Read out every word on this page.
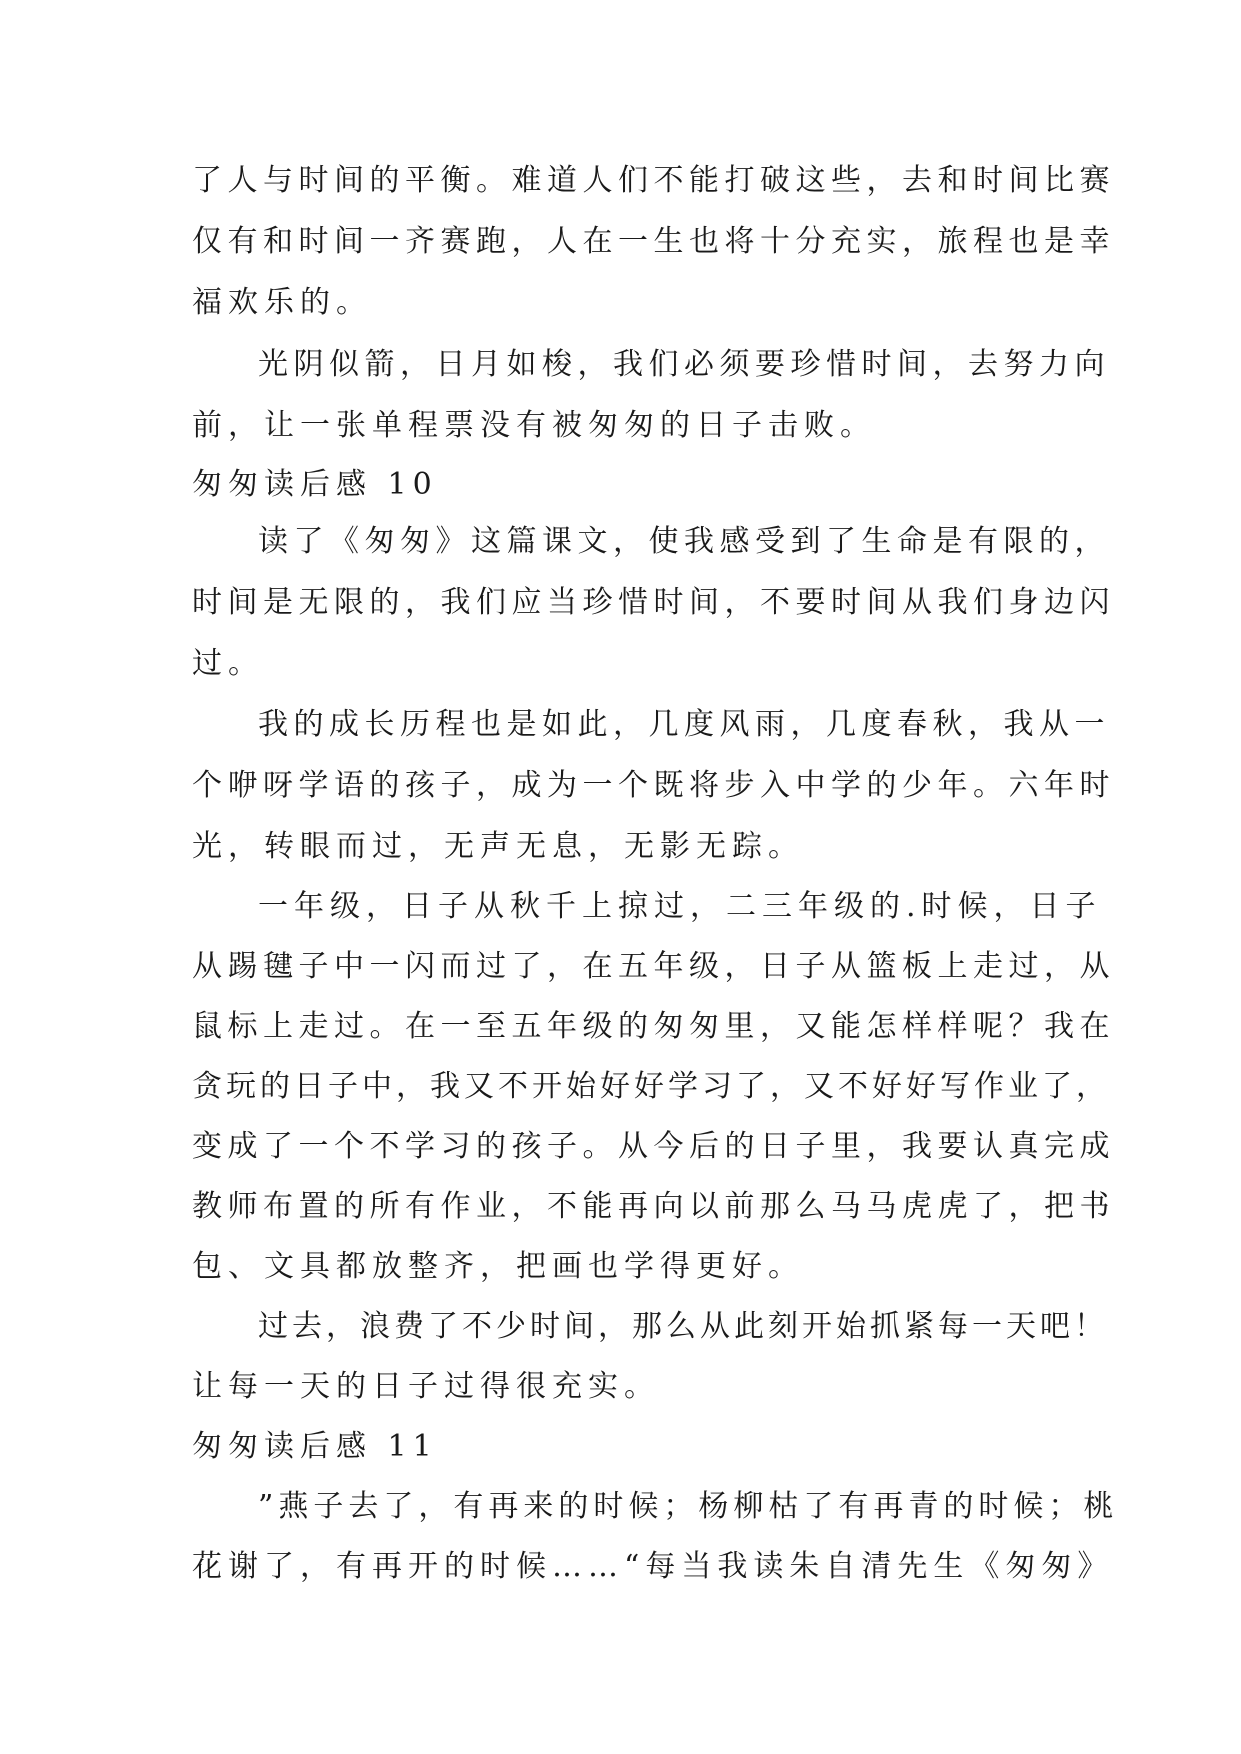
了人与时间的平衡。难道人们不能打破这些，去和时间比赛
仅有和时间一齐赛跑，人在一生也将十分充实，旅程也是幸
福欢乐的。
光阴似箭，日月如梭，我们必须要珍惜时间，去努力向
前，让一张单程票没有被匆匆的日子击败。
匆匆读后感 10
读了《匆匆》这篇课文，使我感受到了生命是有限的，
时间是无限的，我们应当珍惜时间，不要时间从我们身边闪
过。
我的成长历程也是如此，几度风雨，几度春秋，我从一
个咿呀学语的孩子，成为一个既将步入中学的少年。六年时
光，转眼而过，无声无息，无影无踪。
一年级，日子从秋千上掠过，二三年级的.时候，日子
从踢毽子中一闪而过了，在五年级，日子从篮板上走过，从
鼠标上走过。在一至五年级的匆匆里，又能怎样样呢？我在
贪玩的日子中，我又不开始好好学习了，又不好好写作业了，
变成了一个不学习的孩子。从今后的日子里，我要认真完成
教师布置的所有作业，不能再向以前那么马马虎虎了，把书
包、文具都放整齐，把画也学得更好。
过去，浪费了不少时间，那么从此刻开始抓紧每一天吧！
让每一天的日子过得很充实。
匆匆读后感 11
”燕子去了，有再来的时候；杨柳枯了有再青的时候；桃
花谢了，有再开的时候……“每当我读朱自清先生《匆匆》
